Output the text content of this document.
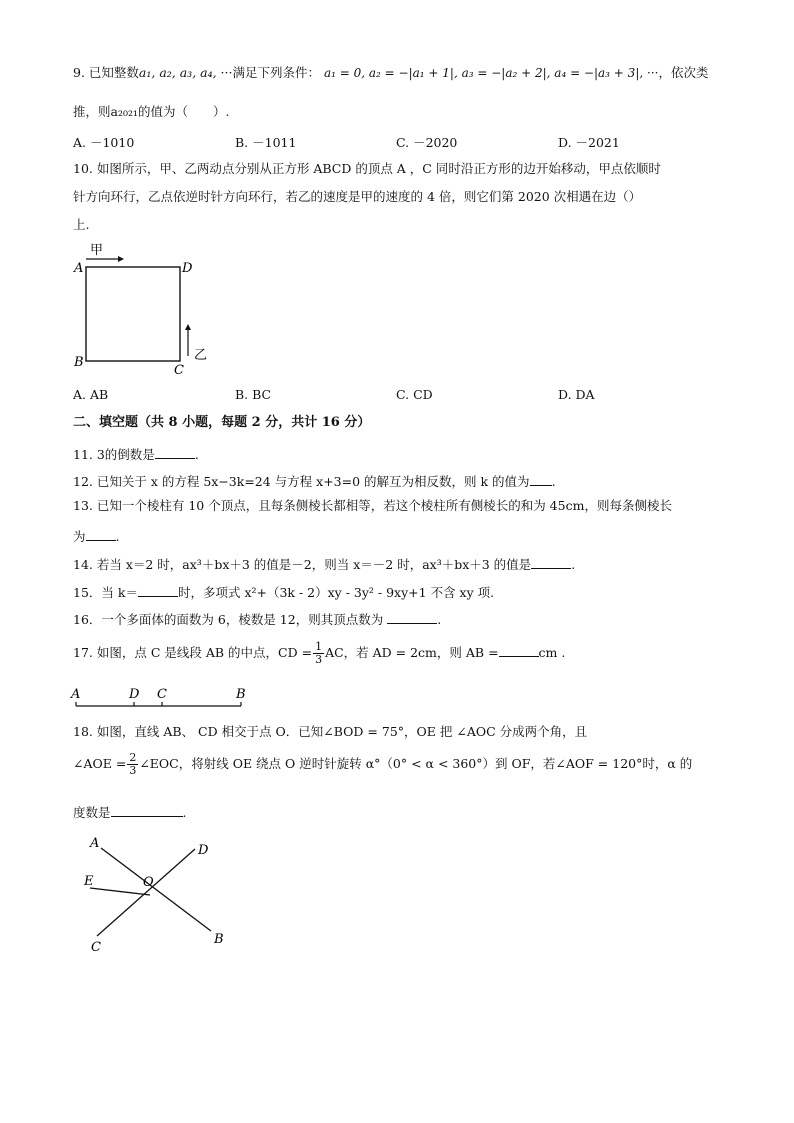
9. 已知整数a₁, a₂, a₃, a₄, ···满足下列条件： a₁ = 0, a₂ = −|a₁ + 1|, a₃ = −|a₂ + 2|, a₄ = −|a₃ + 3|, ···，依次类
推，则a₂₀₂₁的值为（　　）.
A. －1010	B. －1011	C. －2020	D. －2021
10. 如图所示，甲、乙两动点分别从正方形 ABCD 的顶点 A ，C 同时沿正方形的边开始移动，甲点依顺时
针方向环行，乙点依逆时针方向环行，若乙的速度是甲的速度的 4 倍，则它们第 2020 次相遇在边（）
上.
甲
A	D
B
C
乙
A. AB	B. BC	C. CD	D. DA
二、填空题（共 8 小题，每题 2 分，共计 16 分）
11. 3的倒数是	.
12. 已知关于 x 的方程 5x−3k=24 与方程 x+3=0 的解互为相反数，则 k 的值为 .
13. 已知一个棱柱有 10 个顶点，且每条侧棱长都相等，若这个棱柱所有侧棱长的和为 45cm，则每条侧棱长
为 .
14. 若当 x＝2 时，ax³＋bx＋3 的值是－2，则当 x＝－2 时，ax³＋bx＋3 的值是	.
15．当 k＝	时，多项式 x²+（3k - 2）xy - 3y² - 9xy+1 不含 xy 项.
16．一个多面体的面数为 6，棱数是 12，则其顶点数为	.
17. 如图，点 C 是线段 AB 的中点，CD = $\frac{1}{3}$ AC，若 AD = 2cm，则 AB =	cm .
A	D C	B
18. 如图，直线 AB、 CD 相交于点 O．已知∠BOD = 75°，OE 把 ∠AOC 分成两个角，且
∠AOE = $\frac{2}{3}$ ∠EOC，将射线 OE 绕点 O 逆时针旋转 α°（0° < α < 360°）到 OF，若∠AOF = 120°时，α 的
度数是	.
A	D
E	O
C
B
